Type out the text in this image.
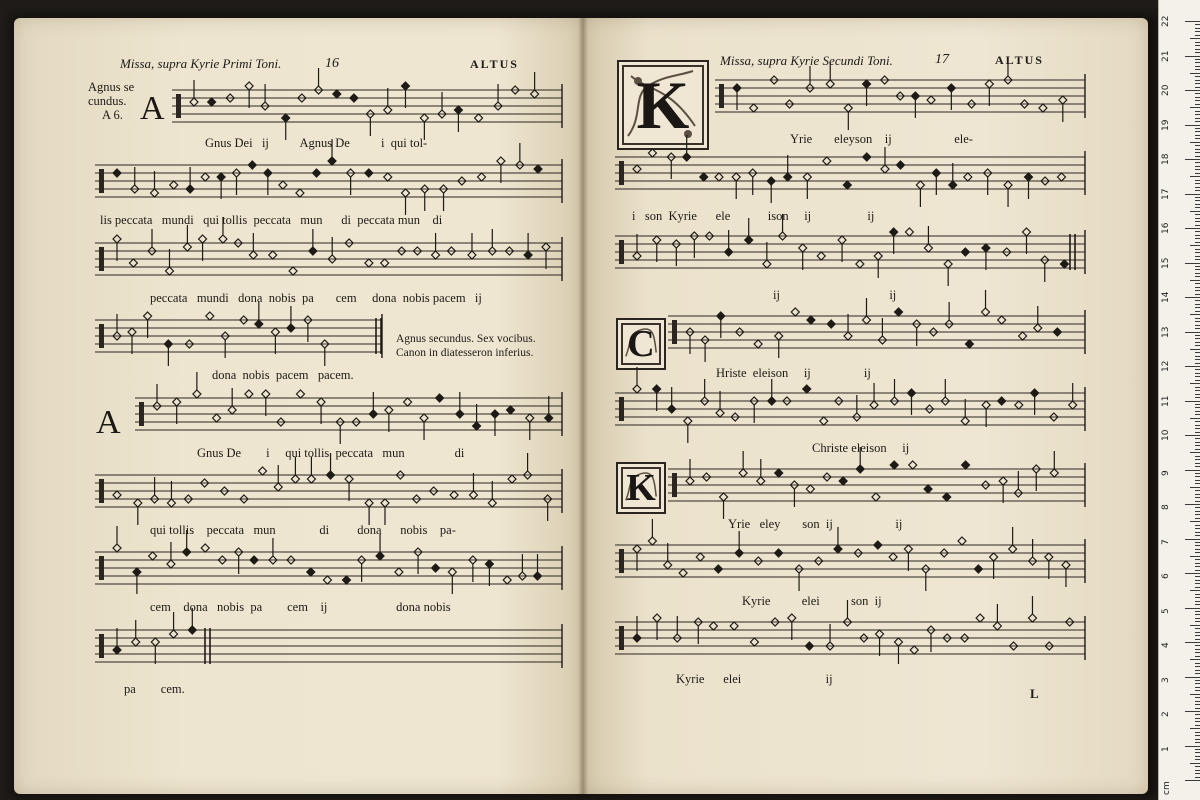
Missa, supra Kyrie Primi Toni.	16	ALTUS
Agnus se
cundus.
A 6. A
A
Missa, supra Kyrie Secundi Toni.	17	ALTUS
K
C
K
Gnus Dei   ij          Agnus De          i  qui tol-
lis peccata   mundi   qui tollis  peccata   mun      di  peccata mun    di
peccata   mundi   dona  nobis  pa       cem     dona  nobis pacem   ij
dona  nobis  pacem   pacem.
Gnus De        i     qui tollis  peccata   mun                di
qui tollis    peccata   mun              di         dona      nobis    pa-
cem    dona   nobis  pa        cem    ij                      dona nobis
pa        cem.
Agnus secundus. Sex vocibus.
Canon in diatesseron inferius.
Yrie       eleyson    ij                    ele-
i   son  Kyrie      ele            ison     ij                  ij
ij                                   ij
Hriste  eleison     ij                 ij
Christe eleison     ij
Yrie   eley       son  ij                    ij
Kyrie          elei          son  ij
Kyrie      elei                           ij
L
cm
1
2
3
4
5
6
7
8
9
10
11
12
13
14
15
16
17
18
19
20
21
22
